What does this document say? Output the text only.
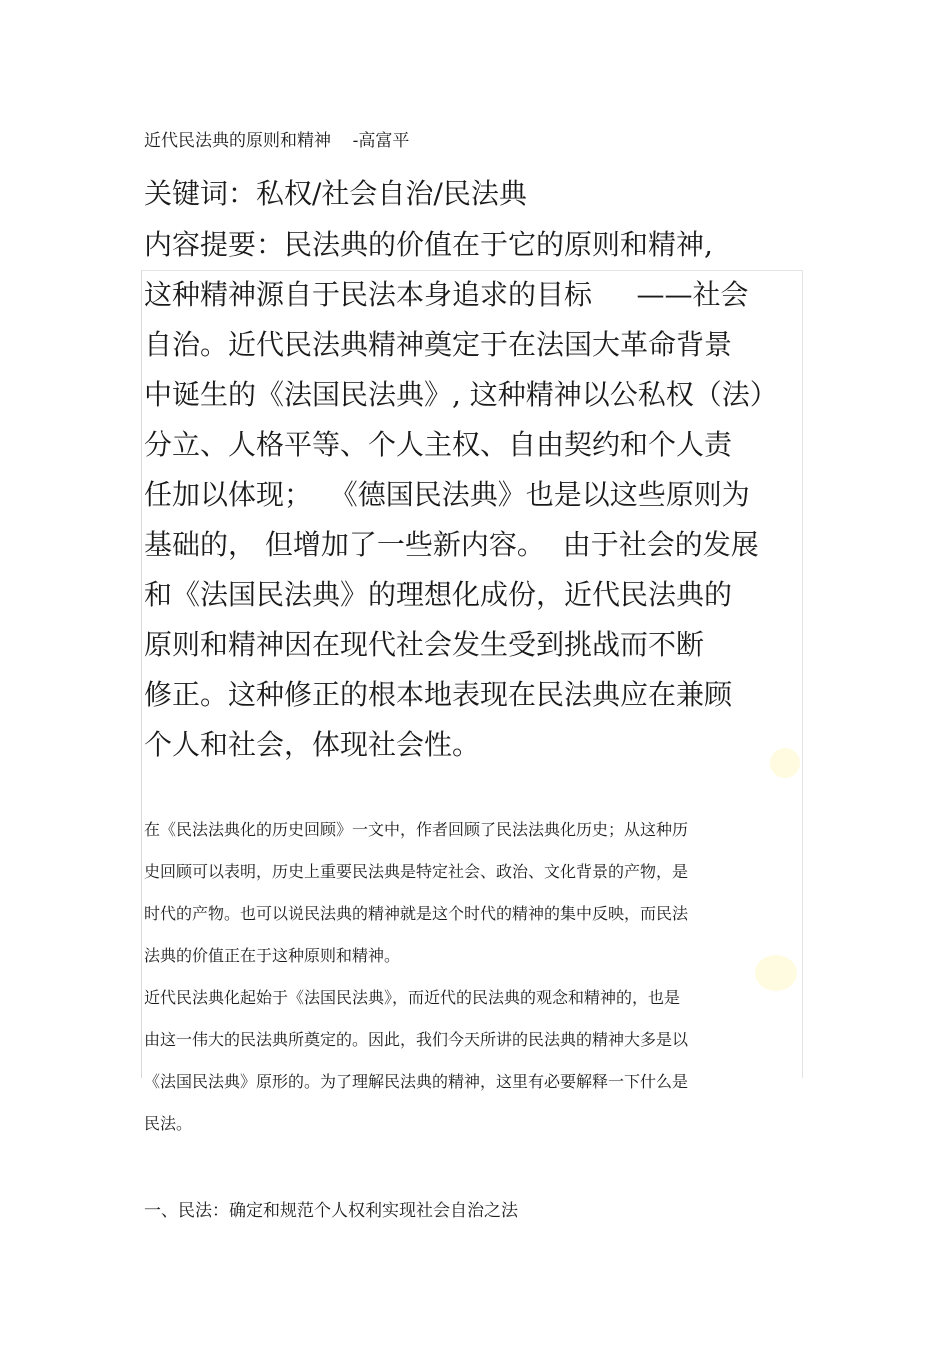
近代民法典的原则和精神    -高富平
关键词：私权/社会自治/民法典
内容提要：民法典的价值在于它的原则和精神,
这种精神源自于民法本身追求的目标     ——社会
自治。近代民法典精神奠定于在法国大革命背景
中诞生的《法国民法典》, 这种精神以公私权（法）
分立、人格平等、个人主权、自由契约和个人责
任加以体现；  《德国民法典》也是以这些原则为
基础的， 但增加了一些新内容。  由于社会的发展
和《法国民法典》的理想化成份，近代民法典的
原则和精神因在现代社会发生受到挑战而不断
修正。这种修正的根本地表现在民法典应在兼顾
个人和社会，体现社会性。
在《民法法典化的历史回顾》一文中，作者回顾了民法法典化历史；从这种历
史回顾可以表明，历史上重要民法典是特定社会、政治、文化背景的产物，是
时代的产物。也可以说民法典的精神就是这个时代的精神的集中反映，而民法
法典的价值正在于这种原则和精神。
近代民法典化起始于《法国民法典》，而近代的民法典的观念和精神的，也是
由这一伟大的民法典所奠定的。因此，我们今天所讲的民法典的精神大多是以
《法国民法典》原形的。为了理解民法典的精神，这里有必要解释一下什么是
民法。
一、民法：确定和规范个人权利实现社会自治之法
